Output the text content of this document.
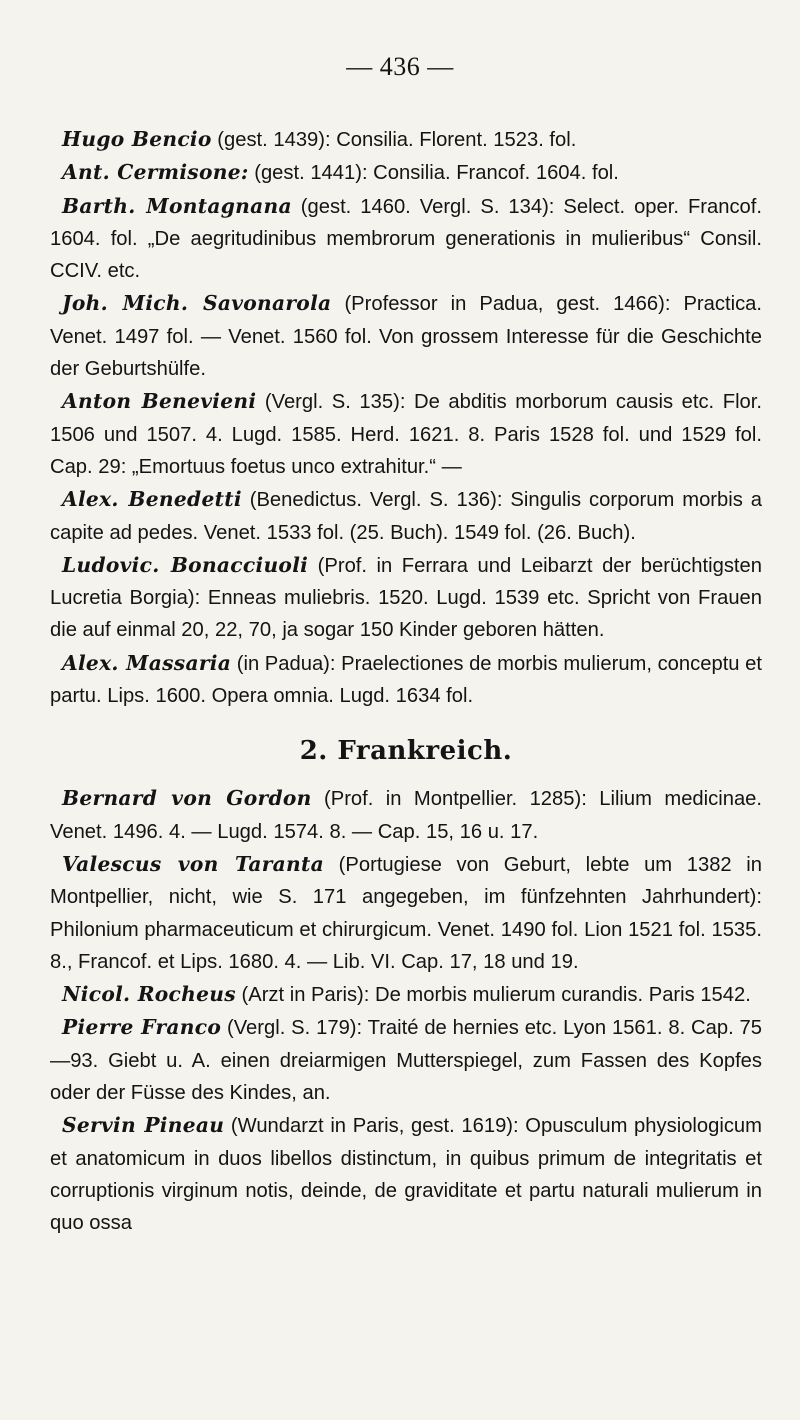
— 436 —

Hugo Bencio (gest. 1439): Consilia. Florent. 1523. fol.

Ant. Cermisone: (gest. 1441): Consilia. Francof. 1604. fol.

Barth. Montagnana (gest. 1460. Vergl. S. 134): Select. oper. Francof. 1604. fol. „De aegritudinibus membrorum generationis in mulieribus“ Consil. CCIV. etc.

Joh. Mich. Savonarola (Professor in Padua, gest. 1466): Practica. Venet. 1497 fol. — Venet. 1560 fol. Von grossem Interesse für die Geschichte der Geburtshülfe.

Anton Benevieni (Vergl. S. 135): De abditis morborum causis etc. Flor. 1506 und 1507. 4. Lugd. 1585. Herd. 1621. 8. Paris 1528 fol. und 1529 fol. Cap. 29: „Emortuus foetus unco extrahitur.“ —

Alex. Benedetti (Benedictus. Vergl. S. 136): Singulis corporum morbis a capite ad pedes. Venet. 1533 fol. (25. Buch). 1549 fol. (26. Buch).

Ludovic. Bonacciuoli (Prof. in Ferrara und Leibarzt der berüchtigsten Lucretia Borgia): Enneas muliebris. 1520. Lugd. 1539 etc. Spricht von Frauen die auf einmal 20, 22, 70, ja sogar 150 Kinder geboren hätten.

Alex. Massaria (in Padua): Praelectiones de morbis mulierum, conceptu et partu. Lips. 1600. Opera omnia. Lugd. 1634 fol.

2. Frankreich.

Bernard von Gordon (Prof. in Montpellier. 1285): Lilium medicinae. Venet. 1496. 4. — Lugd. 1574. 8. — Cap. 15, 16 u. 17.

Valescus von Taranta (Portugiese von Geburt, lebte um 1382 in Montpellier, nicht, wie S. 171 angegeben, im fünfzehnten Jahrhundert): Philonium pharmaceuticum et chirurgicum. Venet. 1490 fol. Lion 1521 fol. 1535. 8., Francof. et Lips. 1680. 4. — Lib. VI. Cap. 17, 18 und 19.

Nicol. Rocheus (Arzt in Paris): De morbis mulierum curandis. Paris 1542.

Pierre Franco (Vergl. S. 179): Traité de hernies etc. Lyon 1561. 8. Cap. 75—93. Giebt u. A. einen dreiarmigen Mutterspiegel, zum Fassen des Kopfes oder der Füsse des Kindes, an.

Servin Pineau (Wundarzt in Paris, gest. 1619): Opusculum physiologicum et anatomicum in duos libellos distinctum, in quibus primum de integritatis et corruptionis virginum notis, deinde, de graviditate et partu naturali mulierum in quo ossa
